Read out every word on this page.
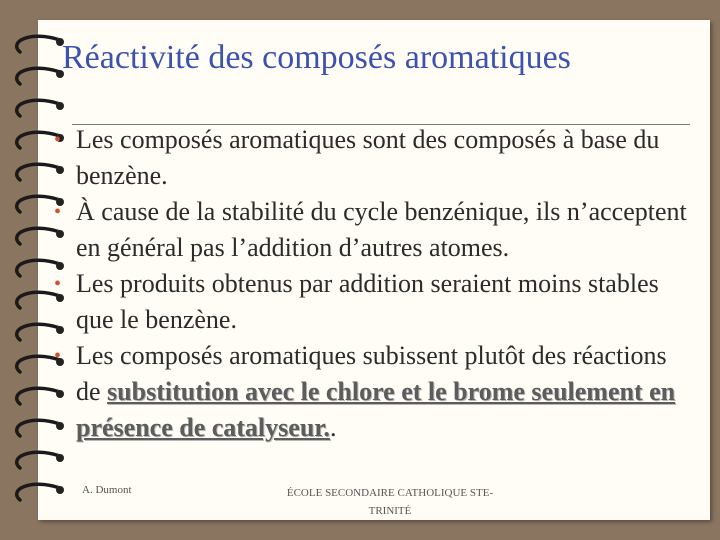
Réactivité des composés aromatiques
• Les composés aromatiques sont des composés à base du benzène.
• À cause de la stabilité du cycle benzénique, ils n’acceptent en général pas l’addition d’autres atomes.
• Les produits obtenus par addition seraient moins stables que le benzène.
• Les composés aromatiques subissent plutôt des réactions de substitution avec le chlore et le brome seulement en présence de catalyseur..
A. Dumont	ÉCOLE SECONDAIRE CATHOLIQUE STE-
TRINITÉ
